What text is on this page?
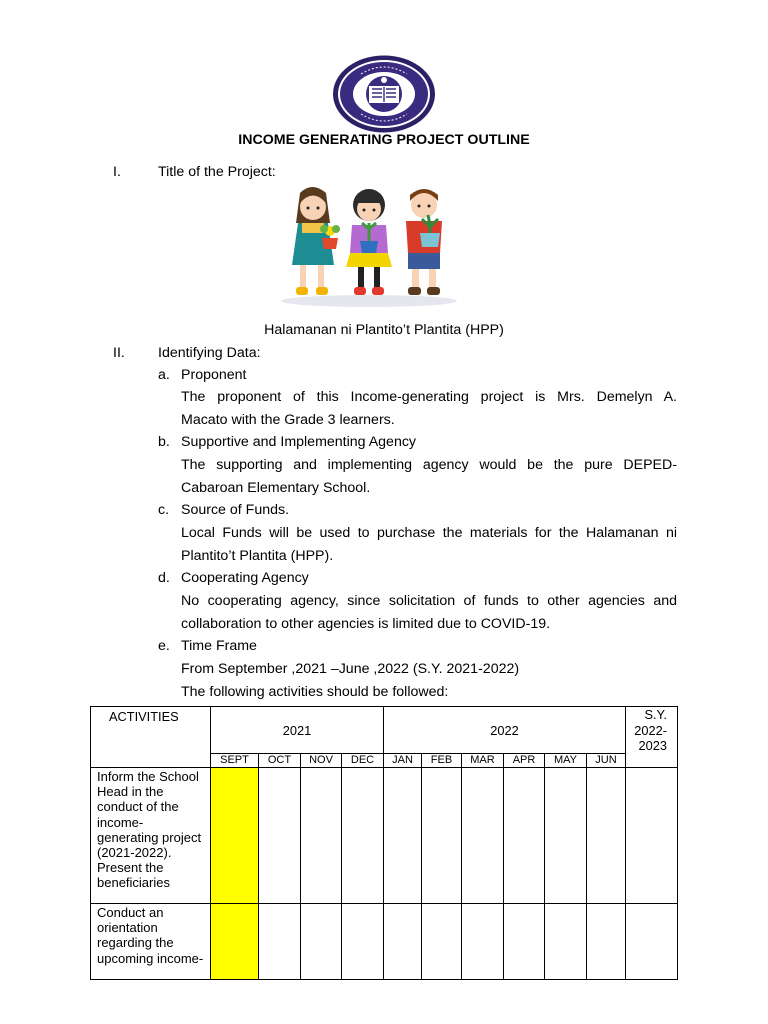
INCOME GENERATING PROJECT OUTLINE
I.	Title of the Project:
Halamanan ni Plantito’t Plantita (HPP)
II.	Identifying Data:
a. Proponent
The proponent of this Income-generating project is Mrs. Demelyn A.
Macato with the Grade 3 learners.
b. Supportive and Implementing Agency
The supporting and implementing agency would be the pure DEPED-
Cabaroan Elementary School.
c. Source of Funds.
Local Funds will be used to purchase the materials for the Halamanan ni
Plantito’t Plantita (HPP).
d. Cooperating Agency
No cooperating agency, since solicitation of funds to other agencies and
collaboration to other agencies is limited due to COVID-19.
e. Time Frame
From September ,2021 –June ,2022 (S.Y. 2021-2022)
The following activities should be followed:
ACTIVITIES	2021				2022						S.Y.
2022-
2023

	SEPT	OCT	NOV	DEC	JAN	FEB	MAR	APR	MAY	JUN	
Inform the School Head in the conduct of the income-generating project (2021-2022). Present the beneficiaries											
Conduct an orientation regarding the upcoming income-											
